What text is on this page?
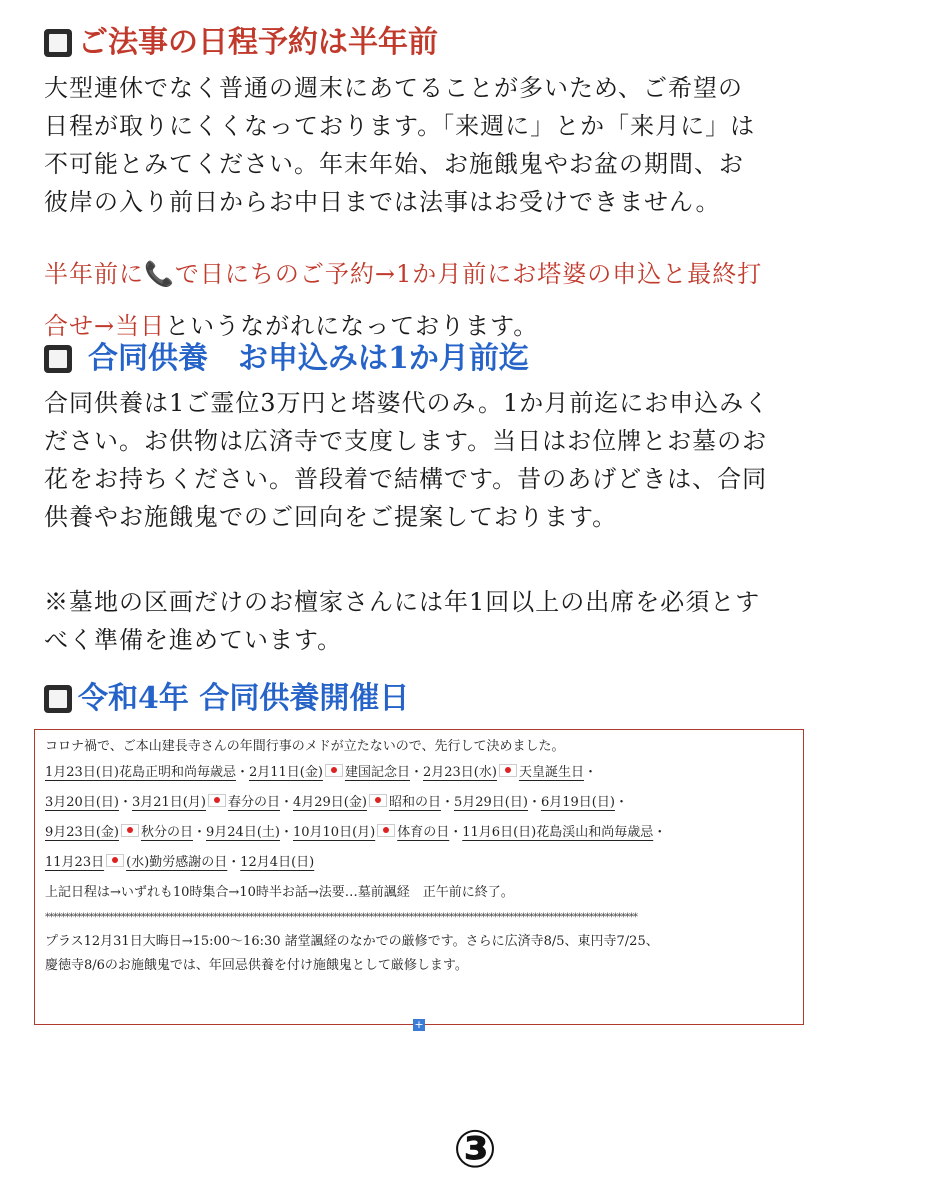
ご法事の日程予約は半年前
大型連休でなく普通の週末にあてることが多いため、ご希望の
日程が取りにくくなっております。「来週に」とか「来月に」は
不可能とみてください。年末年始、お施餓鬼やお盆の期間、お
彼岸の入り前日からお中日までは法事はお受けできません。
半年前に📞で日にちのご予約→1か月前にお塔婆の申込と最終打
合せ→当日というながれになっております。
合同供養　お申込みは1か月前迄
合同供養は1ご霊位3万円と塔婆代のみ。1か月前迄にお申込みく
ださい。お供物は広済寺で支度します。当日はお位牌とお墓のお
花をお持ちください。普段着で結構です。昔のあげどきは、合同
供養やお施餓鬼でのご回向をご提案しております。
※墓地の区画だけのお檀家さんには年1回以上の出席を必須とす
べく準備を進めています。
令和4年 合同供養開催日
コロナ禍で、ご本山建長寺さんの年間行事のメドが立たないので、先行して決めました。
1月23日(日)花島正明和尚毎歳忌・2月11日(金) 建国記念日・2月23日(水) 天皇誕生日・
3月20日(日)・3月21日(月) 春分の日・4月29日(金) 昭和の日・5月29日(日)・6月19日(日)・
9月23日(金) 秋分の日・9月24日(土)・10月10日(月) 体育の日・11月6日(日)花島渓山和尚毎歳忌・
11月23日 (水)勤労感謝の日・12月4日(日)
上記日程は→いずれも10時集合→10時半お話→法要…墓前諷経　正午前に終了。
****************************************************************************************************************************************************
プラス12月31日大晦日→15:00〜16:30 諸堂諷経のなかでの厳修です。さらに広済寺8/5、東円寺7/25、
慶徳寺8/6のお施餓鬼では、年回忌供養を付け施餓鬼として厳修します。
+
③
